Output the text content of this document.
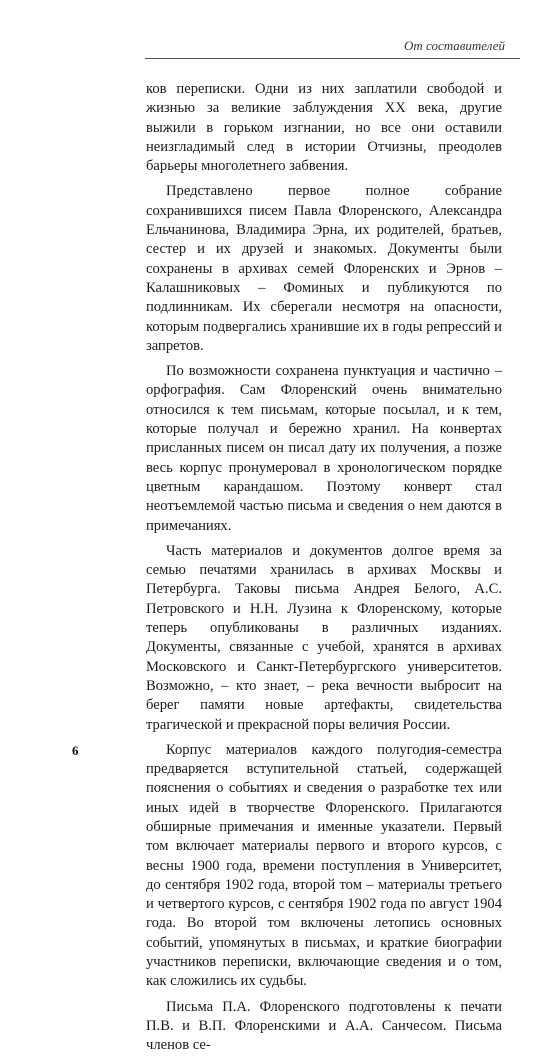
От составителей

ков переписки. Одни из них заплатили свободой и жизнью за великие заблуждения XX века, другие выжили в горьком изгнании, но все они оставили неизгладимый след в истории Отчизны, преодолев барьеры многолетнего забвения.

Представлено первое полное собрание сохранившихся писем Павла Флоренского, Александра Ельчанинова, Владимира Эрна, их родителей, братьев, сестер и их друзей и знакомых. Документы были сохранены в архивах семей Флоренских и Эрнов – Калашниковых – Фоминых и публикуются по подлинникам. Их сберегали несмотря на опасности, которым подвергались хранившие их в годы репрессий и запретов.

По возможности сохранена пунктуация и частично – орфография. Сам Флоренский очень внимательно относился к тем письмам, которые посылал, и к тем, которые получал и бережно хранил. На конвертах присланных писем он писал дату их получения, а позже весь корпус пронумеровал в хронологическом порядке цветным карандашом. Поэтому конверт стал неотъемлемой частью письма и сведения о нем даются в примечаниях.

Часть материалов и документов долгое время за семью печатями хранилась в архивах Москвы и Петербурга. Таковы письма Андрея Белого, А.С. Петровского и Н.Н. Лузина к Флоренскому, которые теперь опубликованы в различных изданиях. Документы, связанные с учебой, хранятся в архивах Московского и Санкт-Петербургского университетов. Возможно, – кто знает, – река вечности выбросит на берег памяти новые артефакты, свидетельства трагической и прекрасной поры величия России.

Корпус материалов каждого полугодия-семестра предваряется вступительной статьей, содержащей пояснения о событиях и сведения о разработке тех или иных идей в творчестве Флоренского. Прилагаются обширные примечания и именные указатели. Первый том включает материалы первого и второго курсов, с весны 1900 года, времени поступления в Университет, до сентября 1902 года, второй том – материалы третьего и четвертого курсов, с сентября 1902 года по август 1904 года. Во второй том включены летопись основных событий, упомянутых в письмах, и краткие биографии участников переписки, включающие сведения и о том, как сложились их судьбы.

Письма П.А. Флоренского подготовлены к печати П.В. и В.П. Флоренскими и А.А. Санчесом. Письма членов се-

6
